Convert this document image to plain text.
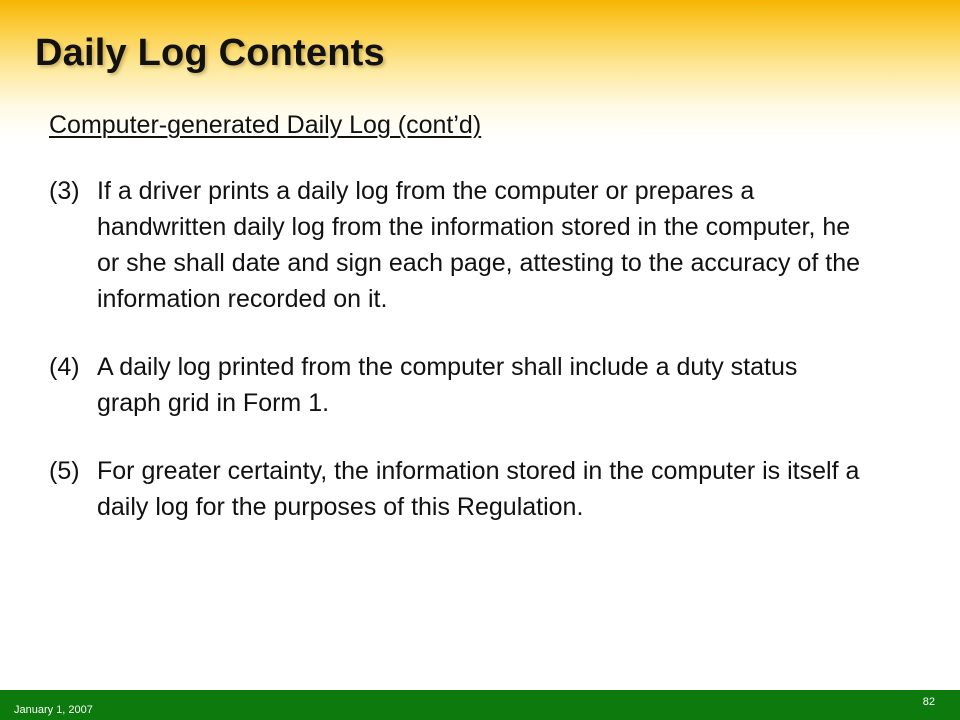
Daily Log Contents
Computer-generated Daily Log (cont’d)
(3) If a driver prints a daily log from the computer or prepares a handwritten daily log from the information stored in the computer, he or she shall date and sign each page, attesting to the accuracy of the information recorded on it.
(4) A daily log printed from the computer shall include a duty status graph grid in Form 1.
(5) For greater certainty, the information stored in the computer is itself a daily log for the purposes of this Regulation.
January 1, 2007
82
